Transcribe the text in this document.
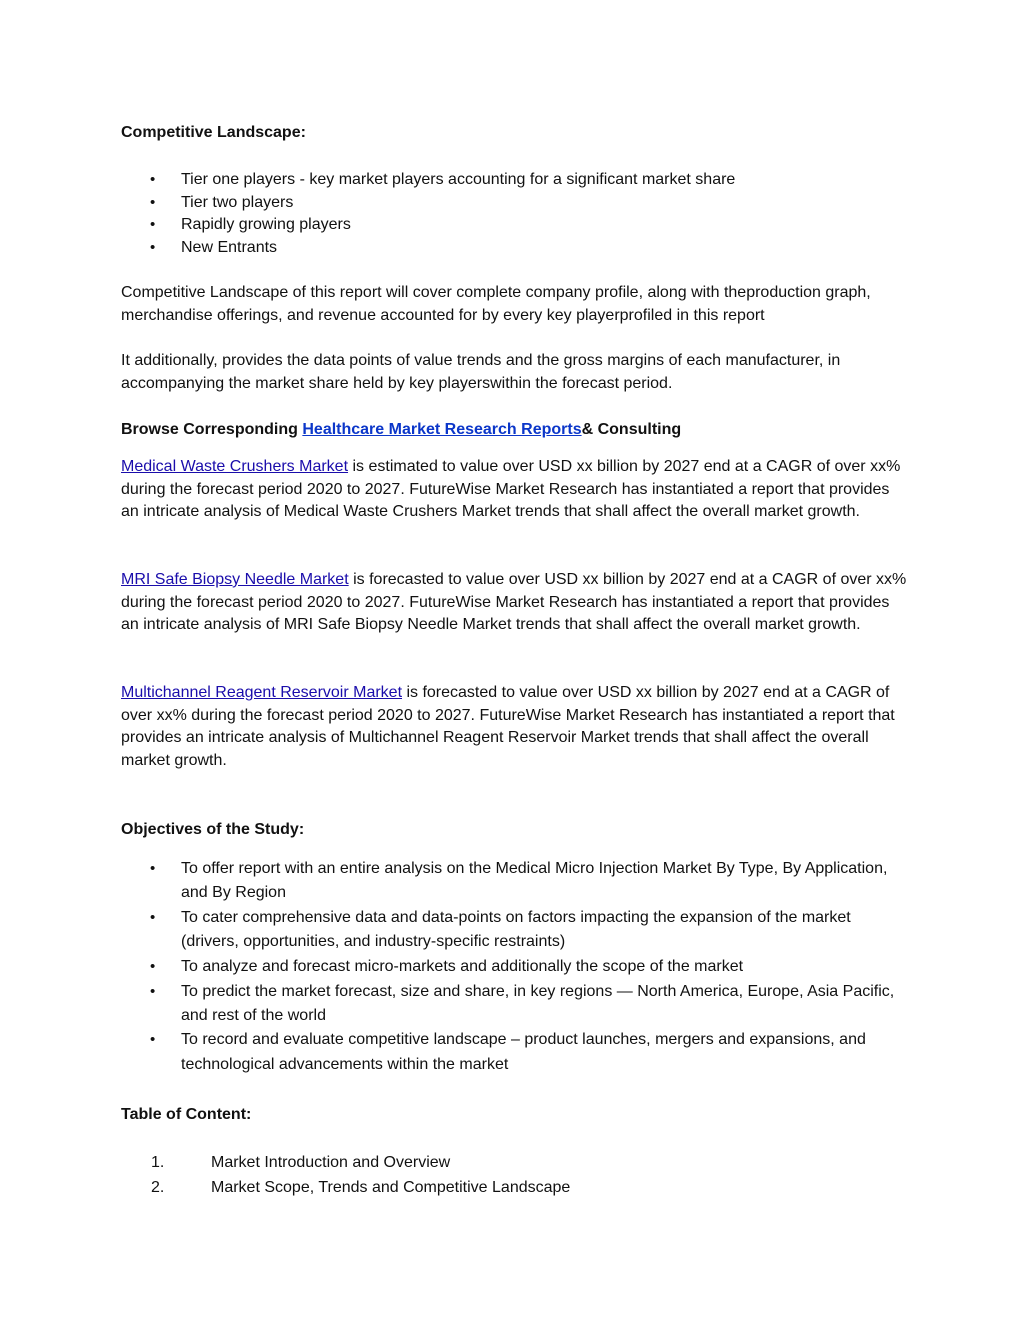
Competitive Landscape:
• Tier one players - key market players accounting for a significant market share
• Tier two players
• Rapidly growing players
• New Entrants
Competitive Landscape of this report will cover complete company profile, along with theproduction graph, merchandise offerings, and revenue accounted for by every key playerprofiled in this report
It additionally, provides the data points of value trends and the gross margins of each manufacturer, in accompanying the market share held by key playerswithin the forecast period.
Browse Corresponding Healthcare Market Research Reports& Consulting
Medical Waste Crushers Market is estimated to value over USD xx billion by 2027 end at a CAGR of over xx% during the forecast period 2020 to 2027. FutureWise Market Research has instantiated a report that provides an intricate analysis of Medical Waste Crushers Market trends that shall affect the overall market growth.
MRI Safe Biopsy Needle Market is forecasted to value over USD xx billion by 2027 end at a CAGR of over xx% during the forecast period 2020 to 2027. FutureWise Market Research has instantiated a report that provides an intricate analysis of MRI Safe Biopsy Needle Market trends that shall affect the overall market growth.
Multichannel Reagent Reservoir Market is forecasted to value over USD xx billion by 2027 end at a CAGR of over xx% during the forecast period 2020 to 2027. FutureWise Market Research has instantiated a report that provides an intricate analysis of Multichannel Reagent Reservoir Market trends that shall affect the overall market growth.
Objectives of the Study:
• To offer report with an entire analysis on the Medical Micro Injection Market By Type, By Application, and By Region
• To cater comprehensive data and data-points on factors impacting the expansion of the market (drivers, opportunities, and industry-specific restraints)
• To analyze and forecast micro-markets and additionally the scope of the market
• To predict the market forecast, size and share, in key regions — North America, Europe, Asia Pacific, and rest of the world
• To record and evaluate competitive landscape – product launches, mergers and expansions, and technological advancements within the market
Table of Content:
1.	Market Introduction and Overview
2.	Market Scope, Trends and Competitive Landscape
